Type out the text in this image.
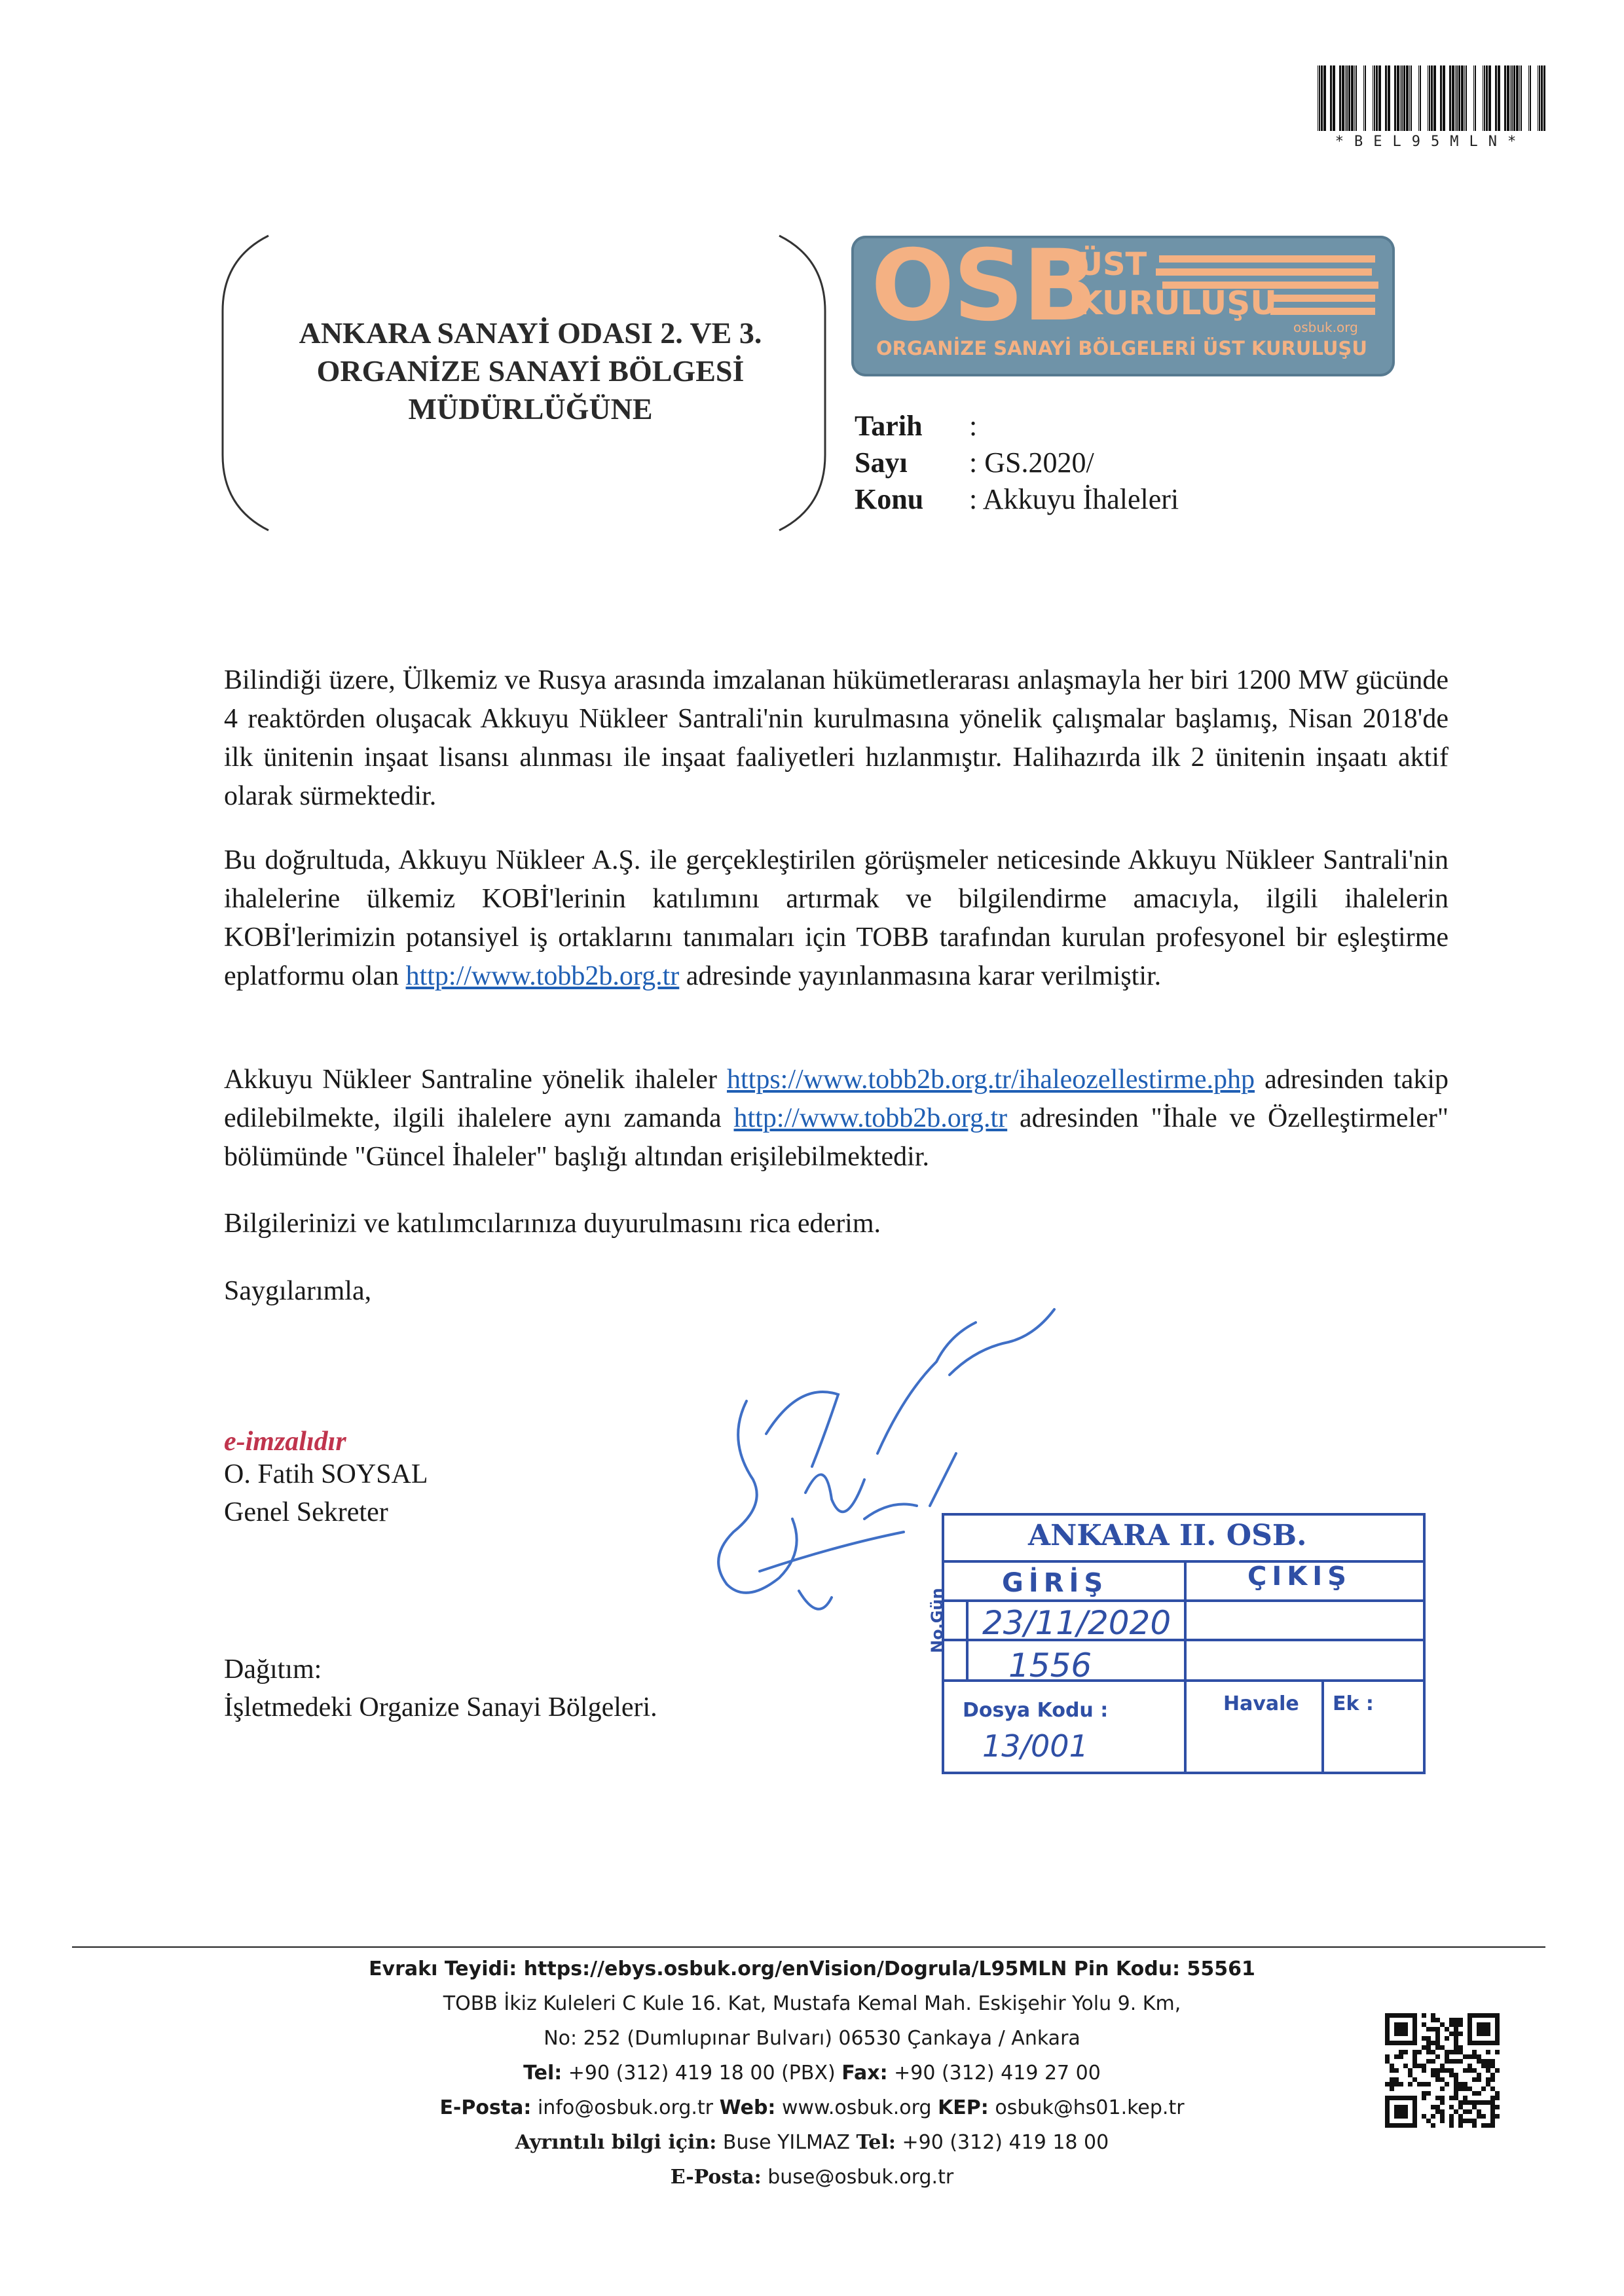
*BEL95MLN*
ANKARA SANAYİ ODASI 2. VE 3.
ORGANİZE SANAYİ BÖLGESİ
MÜDÜRLÜĞÜNE
OSB
ÜST
KURULUŞU
osbuk.org
ORGANİZE SANAYİ BÖLGELERİ ÜST KURULUŞU
Tarih :
Sayı : GS.2020/
Konu : Akkuyu İhaleleri
Bilindiği üzere, Ülkemiz ve Rusya arasında imzalanan hükümetlerarası anlaşmayla her biri 1200 MW gücünde 4 reaktörden oluşacak Akkuyu Nükleer Santrali'nin kurulmasına yönelik çalışmalar başlamış, Nisan 2018'de ilk ünitenin inşaat lisansı alınması ile inşaat faaliyetleri hızlanmıştır. Halihazırda ilk 2 ünitenin inşaatı aktif olarak sürmektedir.
Bu doğrultuda, Akkuyu Nükleer A.Ş. ile gerçekleştirilen görüşmeler neticesinde Akkuyu Nükleer Santrali'nin ihalelerine ülkemiz KOBİ'lerinin katılımını artırmak ve bilgilendirme amacıyla, ilgili ihalelerin KOBİ'lerimizin potansiyel iş ortaklarını tanımaları için TOBB tarafından kurulan profesyonel bir eşleştirme eplatformu olan http://www.tobb2b.org.tr adresinde yayınlanmasına karar verilmiştir.
Akkuyu Nükleer Santraline yönelik ihaleler https://www.tobb2b.org.tr/ihaleozellestirme.php adresinden takip edilebilmekte, ilgili ihalelere aynı zamanda http://www.tobb2b.org.tr adresinden "İhale ve Özelleştirmeler" bölümünde "Güncel İhaleler" başlığı altından erişilebilmektedir.
Bilgilerinizi ve katılımcılarınıza duyurulmasını rica ederim.
Saygılarımla,
e-imzalıdır
O. Fatih SOYSAL
Genel Sekreter
ANKARA II. OSB.
GİRİŞ	ÇIKIŞ
No.Gün 23/11/2020
1556
Dosya Kodu :	Havale Ek :
13/001
Dağıtım:
İşletmedeki Organize Sanayi Bölgeleri.
Evrakı Teyidi: https://ebys.osbuk.org/enVision/Dogrula/L95MLN Pin Kodu: 55561
TOBB İkiz Kuleleri C Kule 16. Kat, Mustafa Kemal Mah. Eskişehir Yolu 9. Km,
No: 252 (Dumlupınar Bulvarı) 06530 Çankaya / Ankara
Tel: +90 (312) 419 18 00 (PBX) Fax: +90 (312) 419 27 00
E-Posta: info@osbuk.org.tr Web: www.osbuk.org KEP: osbuk@hs01.kep.tr
Ayrıntılı bilgi için: Buse YILMAZ Tel: +90 (312) 419 18 00
E-Posta: buse@osbuk.org.tr
